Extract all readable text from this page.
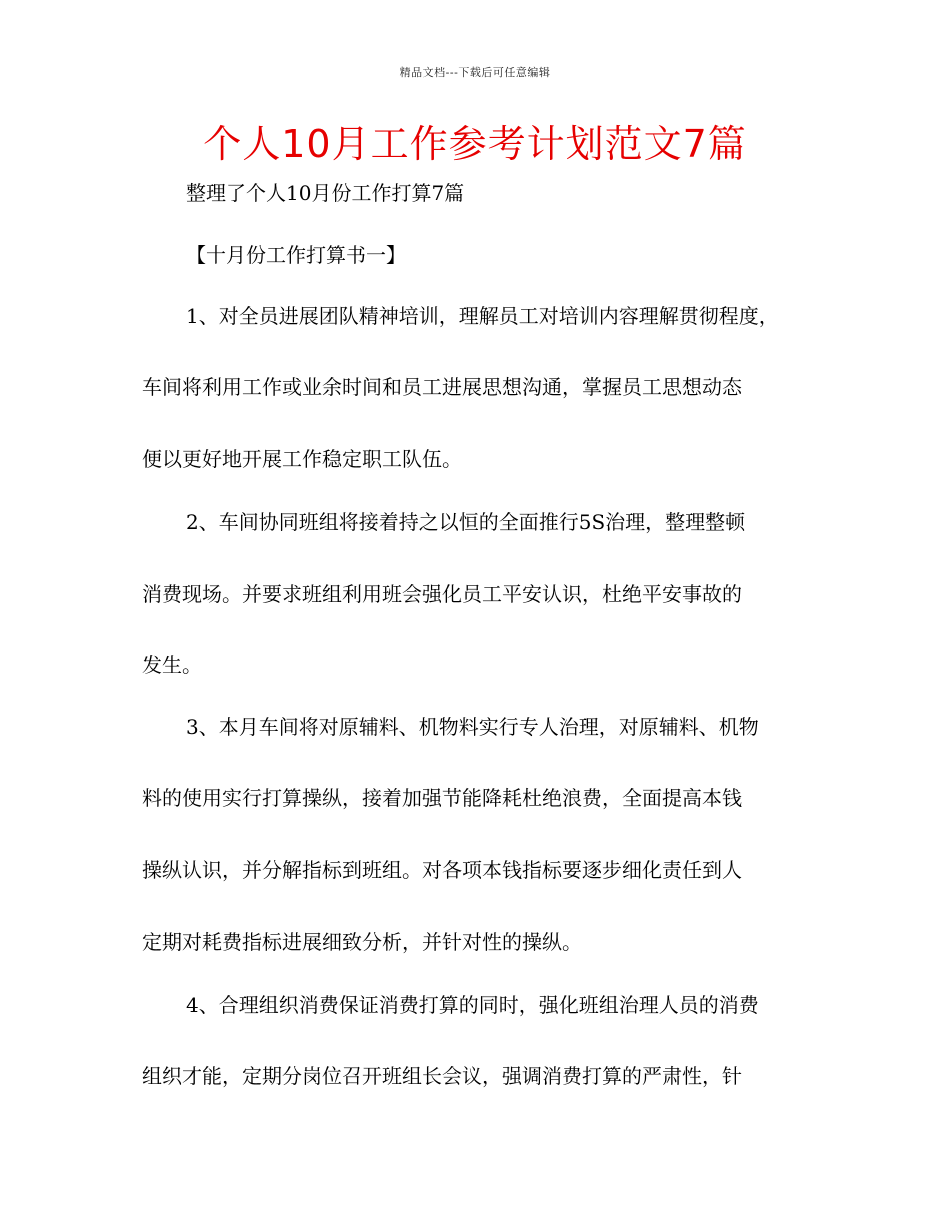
精品文档---下载后可任意编辑
个人10月工作参考计划范文7篇
整理了个人10月份工作打算7篇
【十月份工作打算书一】
1、对全员进展团队精神培训，理解员工对培训内容理解贯彻程度，
车间将利用工作或业余时间和员工进展思想沟通，掌握员工思想动态
便以更好地开展工作稳定职工队伍。
2、车间协同班组将接着持之以恒的全面推行5S治理，整理整顿
消费现场。并要求班组利用班会强化员工平安认识，杜绝平安事故的
发生。
3、本月车间将对原辅料、机物料实行专人治理，对原辅料、机物
料的使用实行打算操纵，接着加强节能降耗杜绝浪费，全面提高本钱
操纵认识，并分解指标到班组。对各项本钱指标要逐步细化责任到人
定期对耗费指标进展细致分析，并针对性的操纵。
4、合理组织消费保证消费打算的同时，强化班组治理人员的消费
组织才能，定期分岗位召开班组长会议，强调消费打算的严肃性，针
